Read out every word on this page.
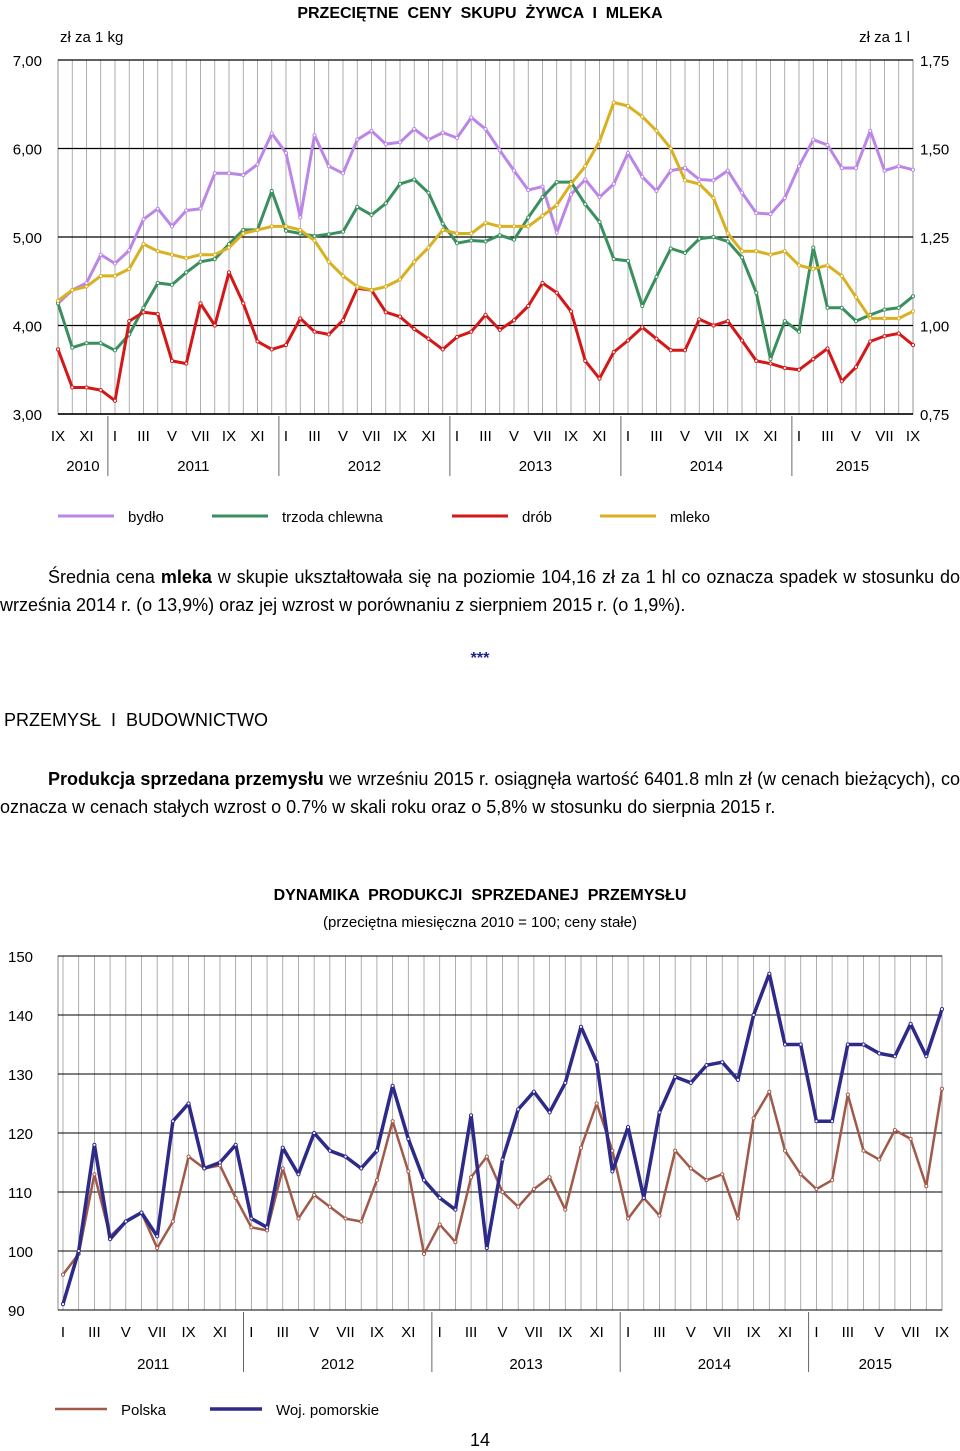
PRZECIĘTNE  CENY  SKUPU  ŻYWCA  I  MLEKA
zł za 1 kg	zł za 1 l
3,00	0,75
4,00	1,00
5,00	1,25
6,00	1,50
7,00	1,75
IX XI I III V VII IX XI I III V VII IX XI I III V VII IX XI I III V VII IX XI I III V VII IX
2010	2011	2012	2013	2014	2015
bydło	trzoda chlewna	drób	mleko
Średnia cena mleka w skupie ukształtowała się na poziomie 104,16 zł za 1 hl co oznacza spadek w stosunku do września 2014 r. (o 13,9%) oraz jej wzrost w porównaniu z sierpniem 2015 r. (o 1,9%).
***
PRZEMYSŁ  I  BUDOWNICTWO
Produkcja sprzedana przemysłu we wrześniu 2015 r. osiągnęła wartość 6401.8 mln zł (w cenach bieżących), co oznacza w cenach stałych wzrost o 0.7% w skali roku oraz o 5,8% w stosunku do sierpnia 2015 r.
DYNAMIKA  PRODUKCJI  SPRZEDANEJ  PRZEMYSŁU
(przeciętna miesięczna 2010 = 100; ceny stałe)
90
100
110
120
130
140
150
I III V VII IX XI I III V VII IX XI I III V VII IX XI I III V VII IX XI I III V VII IX
2011	2012	2013	2014	2015
Polska	Woj. pomorskie
14
